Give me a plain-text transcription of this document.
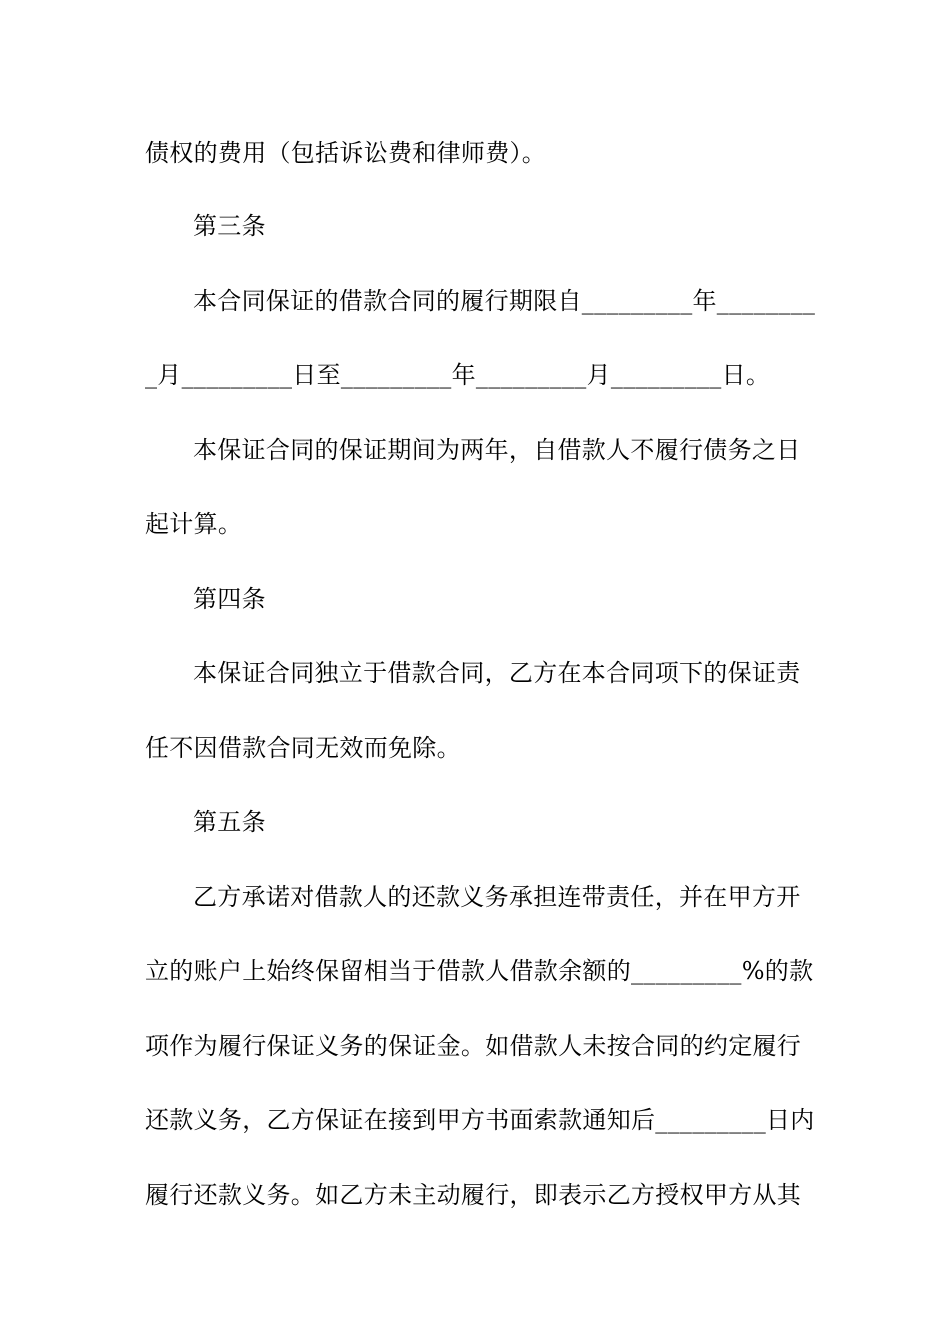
债权的费用（包括诉讼费和律师费）。
第三条
本合同保证的借款合同的履行期限自_________年________
_月_________日至_________年_________月_________日。
本保证合同的保证期间为两年，自借款人不履行债务之日
起计算。
第四条
本保证合同独立于借款合同，乙方在本合同项下的保证责
任不因借款合同无效而免除。
第五条
乙方承诺对借款人的还款义务承担连带责任，并在甲方开
立的账户上始终保留相当于借款人借款余额的_________%的款
项作为履行保证义务的保证金。如借款人未按合同的约定履行
还款义务，乙方保证在接到甲方书面索款通知后_________日内
履行还款义务。如乙方未主动履行，即表示乙方授权甲方从其
